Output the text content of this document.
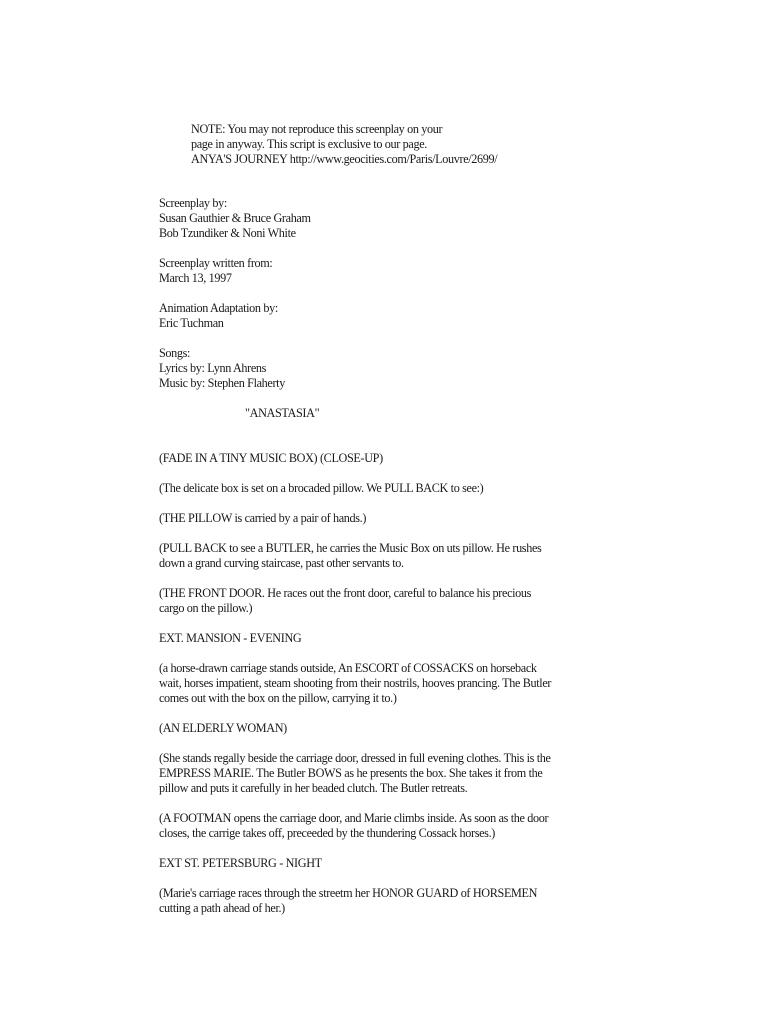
NOTE: You may not reproduce this screenplay on your
page in anyway. This script is exclusive to our page.
ANYA'S JOURNEY http://www.geocities.com/Paris/Louvre/2699/
Screenplay by:
Susan Gauthier & Bruce Graham
Bob Tzundiker & Noni White
Screenplay written from:
March 13, 1997
Animation Adaptation by:
Eric Tuchman
Songs:
Lyrics by: Lynn Ahrens
Music by: Stephen Flaherty
"ANASTASIA"
(FADE IN A TINY MUSIC BOX) (CLOSE-UP)
(The delicate box is set on a brocaded pillow. We PULL BACK to see:)
(THE PILLOW is carried by a pair of hands.)
(PULL BACK to see a BUTLER, he carries the Music Box on uts pillow. He rushes
down a grand curving staircase, past other servants to.
(THE FRONT DOOR. He races out the front door, careful to balance his precious
cargo on the pillow.)
EXT. MANSION - EVENING
(a horse-drawn carriage stands outside, An ESCORT of COSSACKS on horseback
wait, horses impatient, steam shooting from their nostrils, hooves prancing. The Butler
comes out with the box on the pillow, carrying it to.)
(AN ELDERLY WOMAN)
(She stands regally beside the carriage door, dressed in full evening clothes. This is the
EMPRESS MARIE. The Butler BOWS as he presents the box. She takes it from the
pillow and puts it carefully in her beaded clutch. The Butler retreats.
(A FOOTMAN opens the carriage door, and Marie climbs inside. As soon as the door
closes, the carrige takes off, preceeded by the thundering Cossack horses.)
EXT ST. PETERSBURG - NIGHT
(Marie's carriage races through the streetm her HONOR GUARD of HORSEMEN
cutting a path ahead of her.)
